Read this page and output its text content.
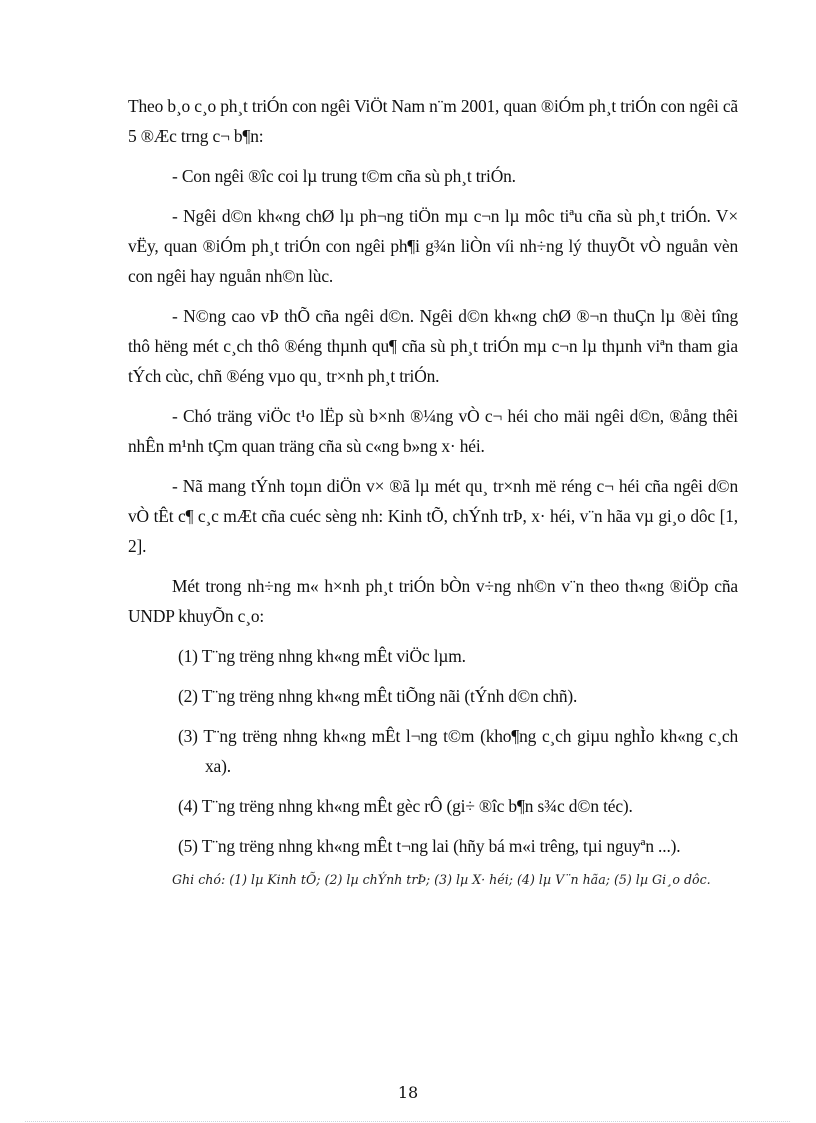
Theo b¸o c¸o ph¸t triÓn con ngêi ViÖt Nam n¨m 2001, quan ®iÓm ph¸t triÓn con ngêi cã 5 ®Æc trng c¬ b¶n:

- Con ngêi ®îc coi lµ trung t©m cña sù ph¸t triÓn.

- Ngêi d©n kh«ng chØ lµ ph¬ng tiÖn mµ c¬n lµ môc tiªu cña sù ph¸t triÓn. V× vËy, quan ®iÓm ph¸t triÓn con ngêi ph¶i g¾n liÒn víi nh÷ng lý thuyÕt vÒ nguån vèn con ngêi hay nguån nh©n lùc.

- N©ng cao vÞ thÕ cña ngêi d©n. Ngêi d©n kh«ng chØ ®¬n thuÇn lµ ®èi tîng thô hëng mét c¸ch thô ®éng thµnh qu¶ cña sù ph¸t triÓn mµ c¬n lµ thµnh viªn tham gia tÝch cùc, chñ ®éng vµo qu¸ tr×nh ph¸t triÓn.

- Chó träng viÖc t¹o lËp sù b×nh ®¼ng vÒ c¬ héi cho mäi ngêi d©n, ®ång thêi nhÊn m¹nh tÇm quan träng cña sù c«ng b»ng x· héi.

- Nã mang tÝnh toµn diÖn v× ®ã lµ mét qu¸ tr×nh më réng c¬ héi cña ngêi d©n vÒ tÊt c¶ c¸c mÆt cña cuéc sèng nh: Kinh tÕ, chÝnh trÞ, x· héi, v¨n hãa vµ gi¸o dôc [1, 2].

Mét trong nh÷ng m« h×nh ph¸t triÓn bÒn v÷ng nh©n v¨n theo th«ng ®iÖp cña UNDP khuyÕn c¸o:

(1) T¨ng trëng nhng kh«ng mÊt viÖc lµm.

(2) T¨ng trëng nhng kh«ng mÊt tiÕng nãi (tÝnh d©n chñ).

(3) T¨ng trëng nhng kh«ng mÊt l¬ng t©m (kho¶ng c¸ch giµu nghÌo kh«ng c¸ch xa).

(4) T¨ng trëng nhng kh«ng mÊt gèc rÔ (gi÷ ®îc b¶n s¾c d©n téc).

(5) T¨ng trëng nhng kh«ng mÊt t¬ng lai (hñy bá m«i trêng, tµi nguyªn ...).

Ghi chó: (1) lµ Kinh tÕ; (2) lµ chÝnh trÞ; (3) lµ X· héi; (4) lµ V¨n hãa; (5) lµ Gi¸o dôc.

18
